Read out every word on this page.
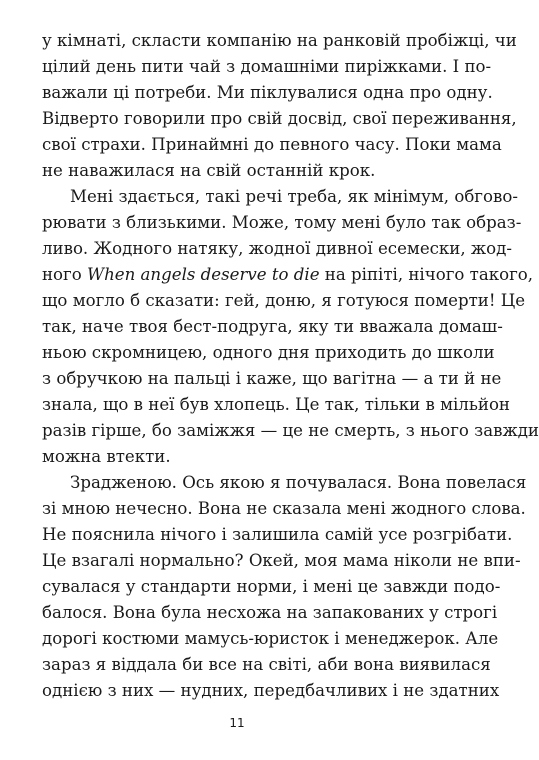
у кімнаті, скласти компанію на ранковій пробіжці, чи
цілий день пити чай з домашніми пиріжками. І по-
важали ці потреби. Ми піклувалися одна про одну.
Відверто говорили про свій досвід, свої переживання,
свої страхи. Принаймні до певного часу. Поки мама
не наважилася на свій останній крок.
Мені здається, такі речі треба, як мінімум, обгово-
рювати з близькими. Може, тому мені було так образ-
ливо. Жодного натяку, жодної дивної есемески, жод-
ного When angels deserve to die на ріпіті, нічого такого,
що могло б сказати: гей, доню, я готуюся померти! Це
так, наче твоя бест-подруга, яку ти вважала домаш-
ньою скромницею, одного дня приходить до школи
з обручкою на пальці і каже, що вагітна — а ти й не
знала, що в неї був хлопець. Це так, тільки в мільйон
разів гірше, бо заміжжя — це не смерть, з нього завжди
можна втекти.
Зрадженою. Ось якою я почувалася. Вона повелася
зі мною нечесно. Вона не сказала мені жодного слова.
Не пояснила нічого і залишила самій усе розгрібати.
Це взагалі нормально? Окей, моя мама ніколи не впи-
сувалася у стандарти норми, і мені це завжди подо-
балося. Вона була несхожа на запакованих у строгі
дорогі костюми мамусь-юристок і менеджерок. Але
зараз я віддала би все на світі, аби вона виявилася
однією з них — нудних, передбачливих і не здатних
11
